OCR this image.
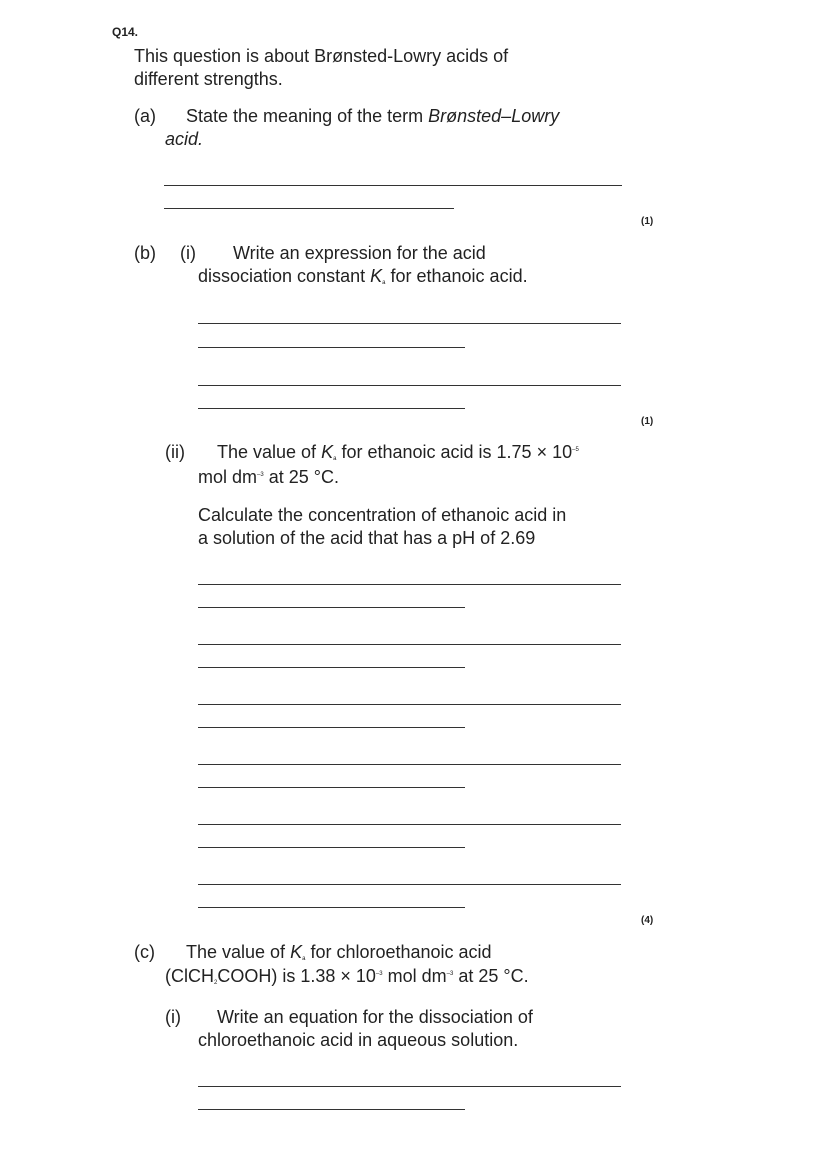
Q14.
This question is about Brønsted-Lowry acids of
different strengths.
(a) State the meaning of the term Brønsted–Lowry
acid.
(1)
(b) (i) Write an expression for the acid
dissociation constant $K_a$ for ethanoic acid.
(1)
(ii) The value of $K_a$ for ethanoic acid is $1.75 \times 10^{-5}$
mol $dm^{-3}$ at 25 °C.
Calculate the concentration of ethanoic acid in
a solution of the acid that has a pH of 2.69
(4)
(c) The value of $K_a$ for chloroethanoic acid
(ClCH$_2$COOH) is $1.38 \times 10^{-3}$ mol $dm^{-3}$ at 25 °C.
(i) Write an equation for the dissociation of
chloroethanoic acid in aqueous solution.
